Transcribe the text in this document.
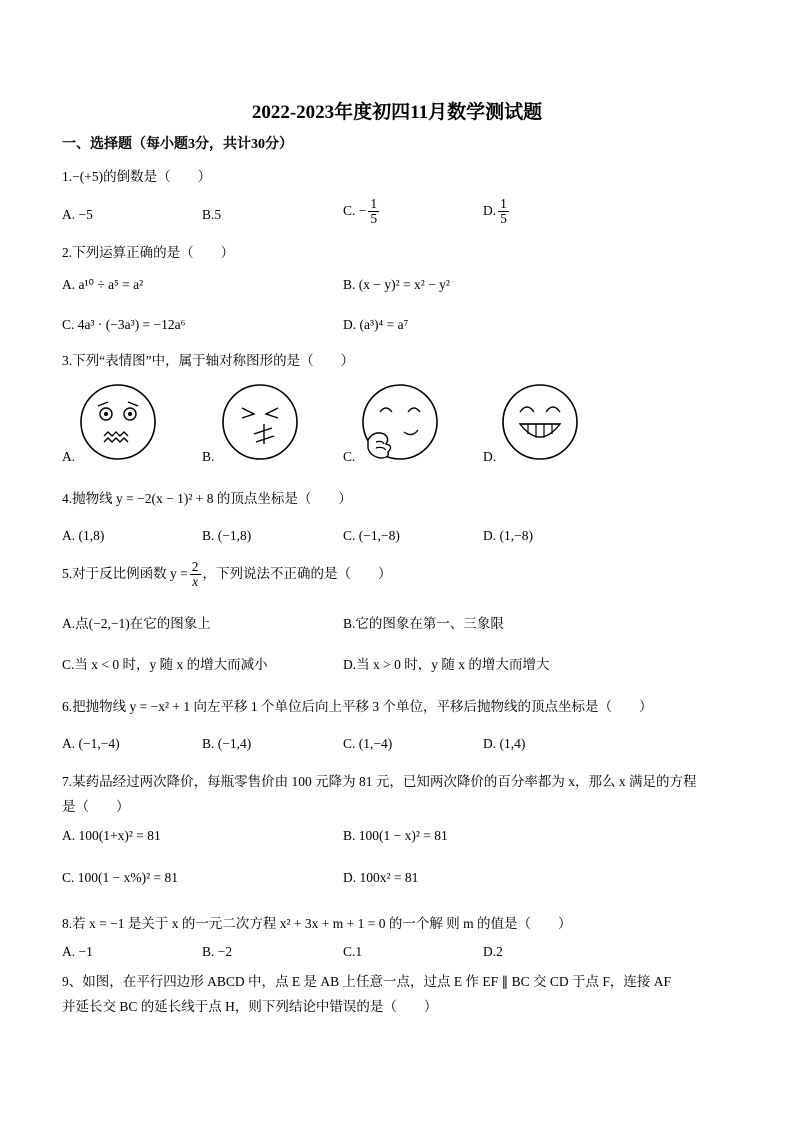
2022-2023年度初四11月数学测试题
一、选择题（每小题3分，共计30分）
1.−(+5)的倒数是（　　）
A. −5	B.5	C. − $\frac{1}{5}$	D. $\frac{1}{5}$
2.下列运算正确的是（　　）
A. a¹⁰ ÷ a⁵ = a²	B. (x − y)² = x² − y²
C. 4a³ · (−3a³) = −12a⁶	D. (a³)⁴ = a⁷
3.下列“表情图”中，属于轴对称图形的是（　　）
A.	B.	C.	D.
4.抛物线 y = −2(x − 1)² + 8 的顶点坐标是（　　）
A. (1,8)	B. (−1,8)	C. (−1,−8)	D. (1,−8)
5.对于反比例函数 $y = \frac{2}{x}$ ，下列说法不正确的是（　　）
A.点(−2,−1)在它的图象上	B.它的图象在第一、三象限
C.当 x < 0 时，y 随 x 的增大而减小	D.当 x > 0 时，y 随 x 的增大而增大
6.把抛物线 y = −x² + 1 向左平移 1 个单位后向上平移 3 个单位，平移后抛物线的顶点坐标是（　　）
A. (−1,−4)	B. (−1,4)	C. (1,−4)	D. (1,4)
7.某药品经过两次降价，每瓶零售价由 100 元降为 81 元，已知两次降价的百分率都为 x，那么 x 满足的方程
是（　　）
A. 100(1+x)² = 81	B. 100(1 − x)² = 81
C. 100(1 − x%)² = 81	D. 100x² = 81
8.若 x = −1 是关于 x 的一元二次方程 x² + 3x + m + 1 = 0 的一个解 则 m 的值是（　　）
A. −1	B. −2	C.1	D.2
9、如图，在平行四边形 ABCD 中，点 E 是 AB 上任意一点，过点 E 作 EF ∥ BC 交 CD 于点 F，连接 AF
并延长交 BC 的延长线于点 H，则下列结论中错误的是（　　）
